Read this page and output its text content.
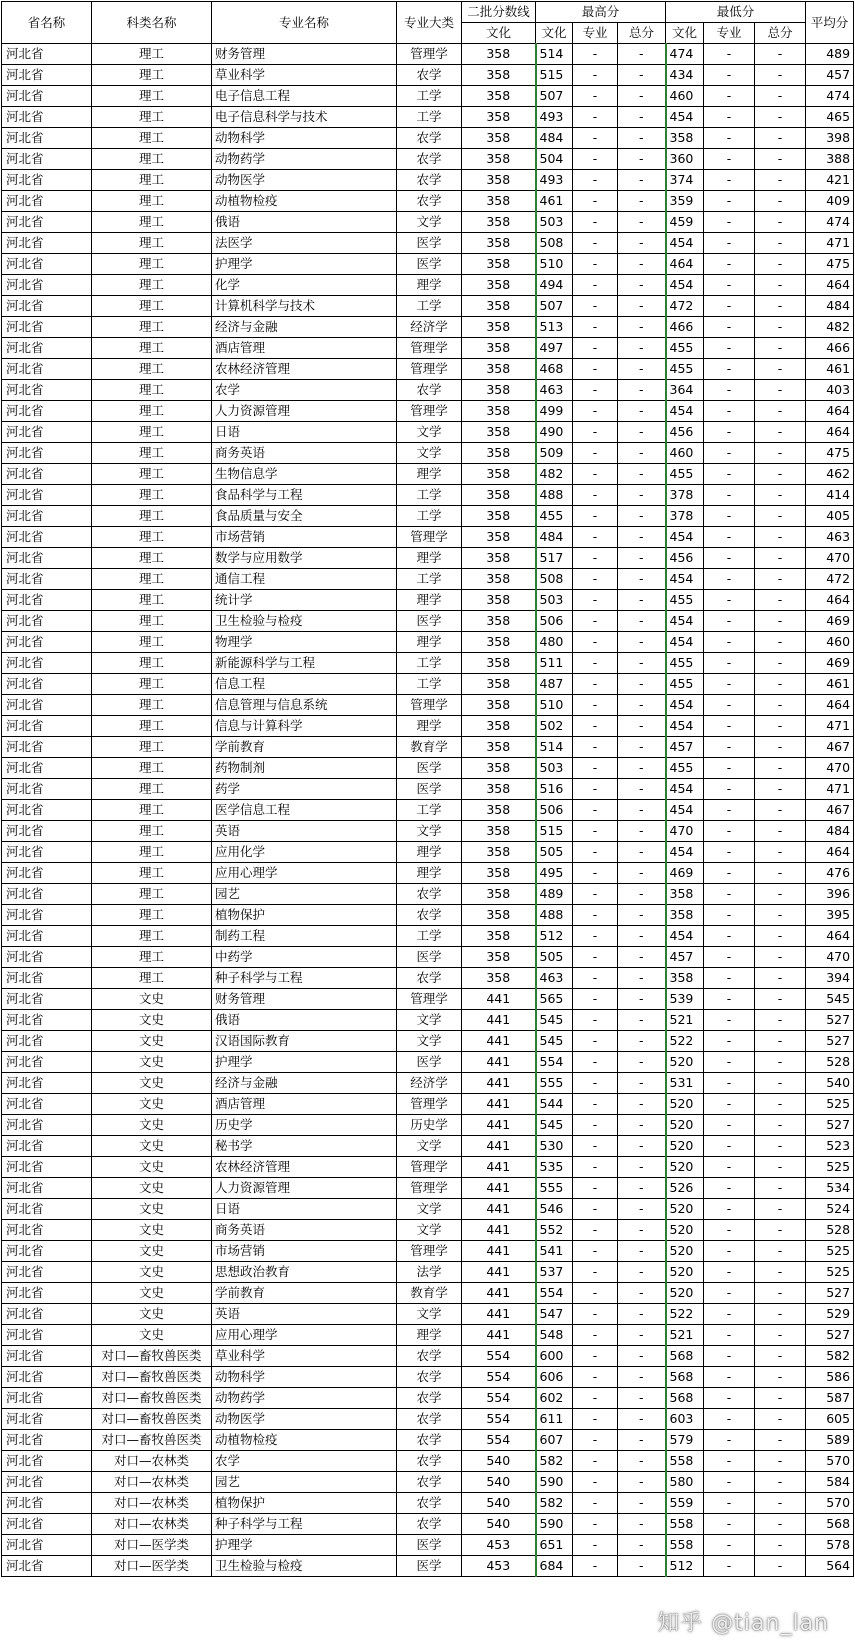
省名称	科类名称	专业名称	专业大类	二批分数线	最高分			最低分			平均分
				文化	文化	专业	总分	文化	专业	总分	
河北省	理工	财务管理	管理学	358	514	-	-	474	-	-	489
河北省	理工	草业科学	农学	358	515	-	-	434	-	-	457
河北省	理工	电子信息工程	工学	358	507	-	-	460	-	-	474
河北省	理工	电子信息科学与技术	工学	358	493	-	-	454	-	-	465
河北省	理工	动物科学	农学	358	484	-	-	358	-	-	398
河北省	理工	动物药学	农学	358	504	-	-	360	-	-	388
河北省	理工	动物医学	农学	358	493	-	-	374	-	-	421
河北省	理工	动植物检疫	农学	358	461	-	-	359	-	-	409
河北省	理工	俄语	文学	358	503	-	-	459	-	-	474
河北省	理工	法医学	医学	358	508	-	-	454	-	-	471
河北省	理工	护理学	医学	358	510	-	-	464	-	-	475
河北省	理工	化学	理学	358	494	-	-	454	-	-	464
河北省	理工	计算机科学与技术	工学	358	507	-	-	472	-	-	484
河北省	理工	经济与金融	经济学	358	513	-	-	466	-	-	482
河北省	理工	酒店管理	管理学	358	497	-	-	455	-	-	466
河北省	理工	农林经济管理	管理学	358	468	-	-	455	-	-	461
河北省	理工	农学	农学	358	463	-	-	364	-	-	403
河北省	理工	人力资源管理	管理学	358	499	-	-	454	-	-	464
河北省	理工	日语	文学	358	490	-	-	456	-	-	464
河北省	理工	商务英语	文学	358	509	-	-	460	-	-	475
河北省	理工	生物信息学	理学	358	482	-	-	455	-	-	462
河北省	理工	食品科学与工程	工学	358	488	-	-	378	-	-	414
河北省	理工	食品质量与安全	工学	358	455	-	-	378	-	-	405
河北省	理工	市场营销	管理学	358	484	-	-	454	-	-	463
河北省	理工	数学与应用数学	理学	358	517	-	-	456	-	-	470
河北省	理工	通信工程	工学	358	508	-	-	454	-	-	472
河北省	理工	统计学	理学	358	503	-	-	455	-	-	464
河北省	理工	卫生检验与检疫	医学	358	506	-	-	454	-	-	469
河北省	理工	物理学	理学	358	480	-	-	454	-	-	460
河北省	理工	新能源科学与工程	工学	358	511	-	-	455	-	-	469
河北省	理工	信息工程	工学	358	487	-	-	455	-	-	461
河北省	理工	信息管理与信息系统	管理学	358	510	-	-	454	-	-	464
河北省	理工	信息与计算科学	理学	358	502	-	-	454	-	-	471
河北省	理工	学前教育	教育学	358	514	-	-	457	-	-	467
河北省	理工	药物制剂	医学	358	503	-	-	455	-	-	470
河北省	理工	药学	医学	358	516	-	-	454	-	-	471
河北省	理工	医学信息工程	工学	358	506	-	-	454	-	-	467
河北省	理工	英语	文学	358	515	-	-	470	-	-	484
河北省	理工	应用化学	理学	358	505	-	-	454	-	-	464
河北省	理工	应用心理学	理学	358	495	-	-	469	-	-	476
河北省	理工	园艺	农学	358	489	-	-	358	-	-	396
河北省	理工	植物保护	农学	358	488	-	-	358	-	-	395
河北省	理工	制药工程	工学	358	512	-	-	454	-	-	464
河北省	理工	中药学	医学	358	505	-	-	457	-	-	470
河北省	理工	种子科学与工程	农学	358	463	-	-	358	-	-	394
河北省	文史	财务管理	管理学	441	565	-	-	539	-	-	545
河北省	文史	俄语	文学	441	545	-	-	521	-	-	527
河北省	文史	汉语国际教育	文学	441	545	-	-	522	-	-	527
河北省	文史	护理学	医学	441	554	-	-	520	-	-	528
河北省	文史	经济与金融	经济学	441	555	-	-	531	-	-	540
河北省	文史	酒店管理	管理学	441	544	-	-	520	-	-	525
河北省	文史	历史学	历史学	441	545	-	-	520	-	-	527
河北省	文史	秘书学	文学	441	530	-	-	520	-	-	523
河北省	文史	农林经济管理	管理学	441	535	-	-	520	-	-	525
河北省	文史	人力资源管理	管理学	441	555	-	-	526	-	-	534
河北省	文史	日语	文学	441	546	-	-	520	-	-	524
河北省	文史	商务英语	文学	441	552	-	-	520	-	-	528
河北省	文史	市场营销	管理学	441	541	-	-	520	-	-	525
河北省	文史	思想政治教育	法学	441	537	-	-	520	-	-	525
河北省	文史	学前教育	教育学	441	554	-	-	520	-	-	527
河北省	文史	英语	文学	441	547	-	-	522	-	-	529
河北省	文史	应用心理学	理学	441	548	-	-	521	-	-	527
河北省	对口—畜牧兽医类	草业科学	农学	554	600	-	-	568	-	-	582
河北省	对口—畜牧兽医类	动物科学	农学	554	606	-	-	568	-	-	586
河北省	对口—畜牧兽医类	动物药学	农学	554	602	-	-	568	-	-	587
河北省	对口—畜牧兽医类	动物医学	农学	554	611	-	-	603	-	-	605
河北省	对口—畜牧兽医类	动植物检疫	农学	554	607	-	-	579	-	-	589
河北省	对口—农林类	农学	农学	540	582	-	-	558	-	-	570
河北省	对口—农林类	园艺	农学	540	590	-	-	580	-	-	584
河北省	对口—农林类	植物保护	农学	540	582	-	-	559	-	-	570
河北省	对口—农林类	种子科学与工程	农学	540	590	-	-	558	-	-	568
河北省	对口—医学类	护理学	医学	453	651	-	-	558	-	-	578
河北省	对口—医学类	卫生检验与检疫	医学	453	684	-	-	512	-	-	564
知乎 @tian_lan
